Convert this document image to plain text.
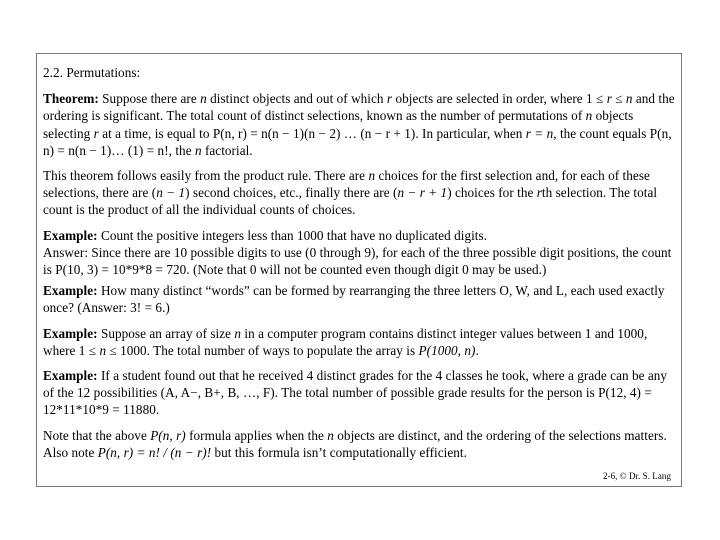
2.2. Permutations:
Theorem: Suppose there are n distinct objects and out of which r objects are selected in order, where 1 ≤ r ≤ n and the ordering is significant. The total count of distinct selections, known as the number of permutations of n objects selecting r at a time, is equal to P(n, r) = n(n − 1)(n − 2) … (n − r + 1). In particular, when r = n, the count equals P(n, n) = n(n − 1)… (1) = n!, the n factorial.
This theorem follows easily from the product rule. There are n choices for the first selection and, for each of these selections, there are (n − 1) second choices, etc., finally there are (n − r + 1) choices for the rth selection. The total count is the product of all the individual counts of choices.
Example: Count the positive integers less than 1000 that have no duplicated digits.
Answer: Since there are 10 possible digits to use (0 through 9), for each of the three possible digit positions, the count is P(10, 3) = 10*9*8 = 720. (Note that 0 will not be counted even though digit 0 may be used.)
Example: How many distinct “words” can be formed by rearranging the three letters O, W, and L, each used exactly once? (Answer: 3! = 6.)
Example: Suppose an array of size n in a computer program contains distinct integer values between 1 and 1000, where 1 ≤ n ≤ 1000. The total number of ways to populate the array is P(1000, n).
Example: If a student found out that he received 4 distinct grades for the 4 classes he took, where a grade can be any of the 12 possibilities (A, A−, B+, B, …, F). The total number of possible grade results for the person is P(12, 4) = 12*11*10*9 = 11880.
Note that the above P(n, r) formula applies when the n objects are distinct, and the ordering of the selections matters. Also note P(n, r) = n! / (n − r)! but this formula isn’t computationally efficient.
2-6, © Dr. S. Lang
